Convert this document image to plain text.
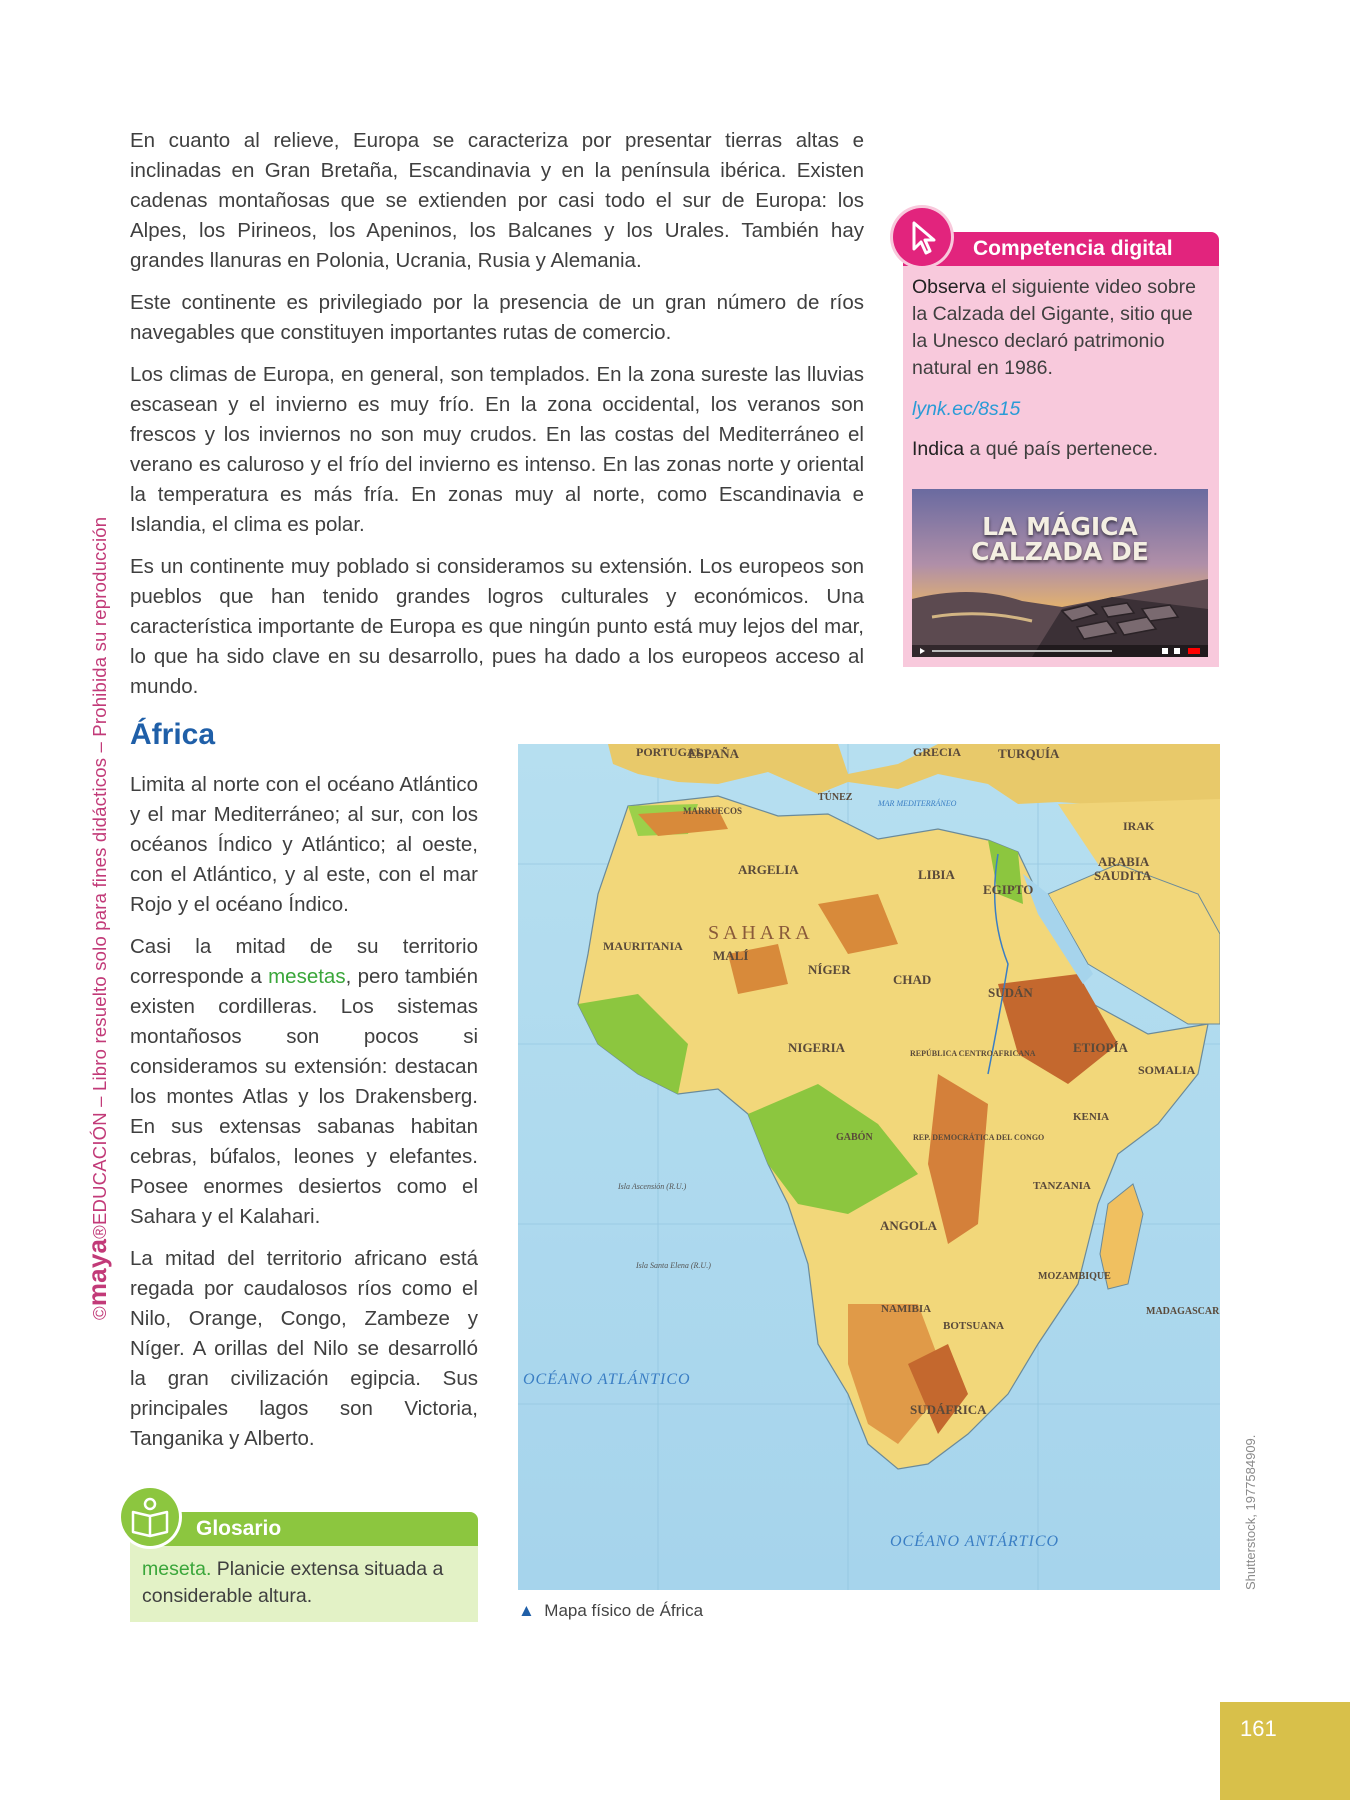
©maya®EDUCACIÓN – Libro resuelto solo para fines didácticos – Prohibida su reproducción

En cuanto al relieve, Europa se caracteriza por presentar tierras altas e inclinadas en Gran Bretaña, Escandinavia y en la península ibérica. Existen cadenas montañosas que se extienden por casi todo el sur de Europa: los Alpes, los Pirineos, los Apeninos, los Balcanes y los Urales. También hay grandes llanuras en Polonia, Ucrania, Rusia y Alemania.

Este continente es privilegiado por la presencia de un gran número de ríos navegables que constituyen importantes rutas de comercio.

Los climas de Europa, en general, son templados. En la zona sureste las lluvias escasean y el invierno es muy frío. En la zona occidental, los veranos son frescos y los inviernos no son muy crudos. En las costas del Mediterráneo el verano es caluroso y el frío del invierno es intenso. En las zonas norte y oriental la temperatura es más fría. En zonas muy al norte, como Escandinavia e Islandia, el clima es polar.

Es un continente muy poblado si consideramos su extensión. Los europeos son pueblos que han tenido grandes logros culturales y económicos. Una característica importante de Europa es que ningún punto está muy lejos del mar, lo que ha sido clave en su desarrollo, pues ha dado a los europeos acceso al mundo.

Competencia digital

Observa el siguiente video sobre la Calzada del Gigante, sitio que la Unesco declaró patrimonio natural en 1986.

lynk.ec/8s15

Indica a qué país pertenece.

LA MÁGICA
CALZADA DE
África

Limita al norte con el océano Atlántico y el mar Mediterráneo; al sur, con los océanos Índico y Atlántico; al oeste, con el Atlántico, y al este, con el mar Rojo y el océano Índico.

Casi la mitad de su territorio corresponde a mesetas, pero también existen cordilleras. Los sistemas montañosos son pocos si consideramos su extensión: destacan los montes Atlas y los Drakensberg. En sus extensas sabanas habitan cebras, búfalos, leones y elefantes. Posee enormes desiertos como el Sahara y el Kalahari.

La mitad del territorio africano está regada por caudalosos ríos como el Nilo, Orange, Congo, Zambeze y Níger. A orillas del Nilo se desarrolló la gran civilización egipcia. Sus principales lagos son Victoria, Tanganika y Alberto.

Glosario

meseta. Planicie extensa situada a considerable altura.

PORTUGAL
ESPAÑA	GRECIA	TURQUÍA
MARRUECOS
TÚNEZ
ARGELIA	LIBIA
EGIPTO
ARABIA
SAUDITA
IRAK
S A H A R A
MAURITANIA
MALÍ
NÍGER
CHAD
SUDÁN
ETIOPÍA
SOMALIA
NIGERIA
KENIA
TANZANIA
ANGOLA
NAMIBIA
BOTSUANA
SUDÁFRICA
MADAGASCAR
MOZAMBIQUE
GABÓN	REP. DEMOCRÁTICA DEL CONGO
REPÚBLICA CENTROAFRICANA
OCÉANO ATLÁNTICO
OCÉANO ANTÁRTICO
MAR MEDITERRÁNEO
Isla Ascensión (R.U.)
Isla Santa Elena (R.U.)
▲ Mapa físico de África
Shutterstock, 1977584909.
161
